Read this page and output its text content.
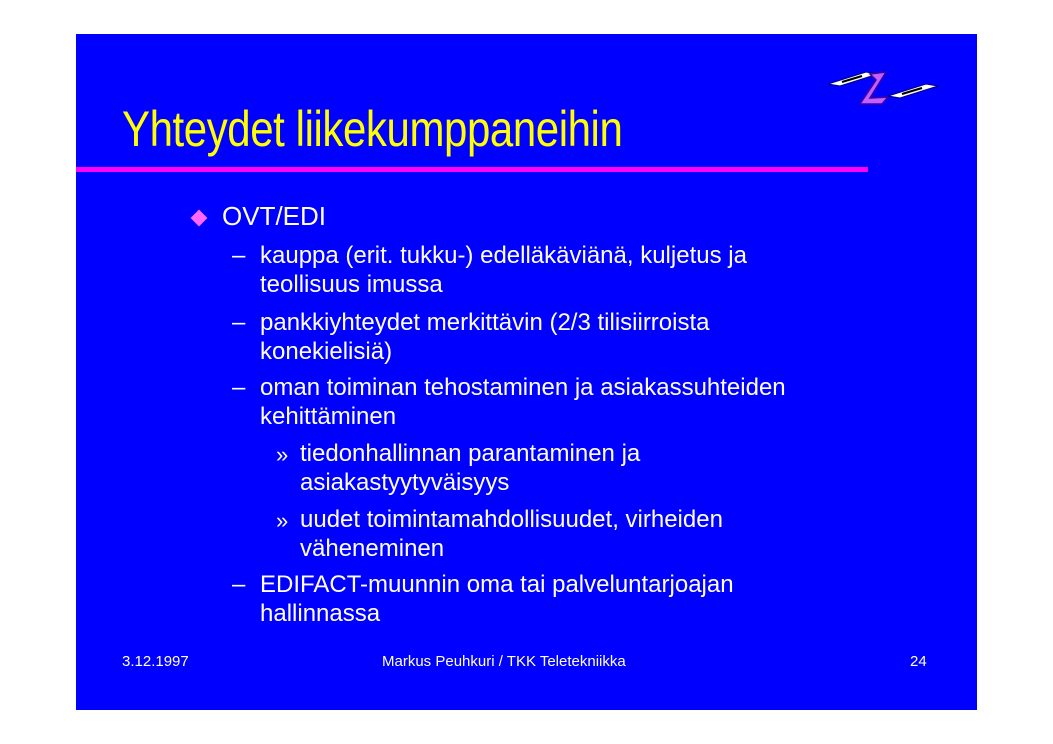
Yhteydet liikekumppaneihin
OVT/EDI
– kauppa (erit. tukku-) edelläkäviänä, kuljetus ja
teollisuus imussa
– pankkiyhteydet merkittävin (2/3 tilisiirroista
konekielisiä)
– oman toiminan tehostaminen ja asiakassuhteiden
kehittäminen
» tiedonhallinnan parantaminen ja
asiakastyytyväisyys
» uudet toimintamahdollisuudet, virheiden
väheneminen
– EDIFACT-muunnin oma tai palveluntarjoajan
hallinnassa
3.12.1997	Markus Peuhkuri / TKK Teletekniikka	24
